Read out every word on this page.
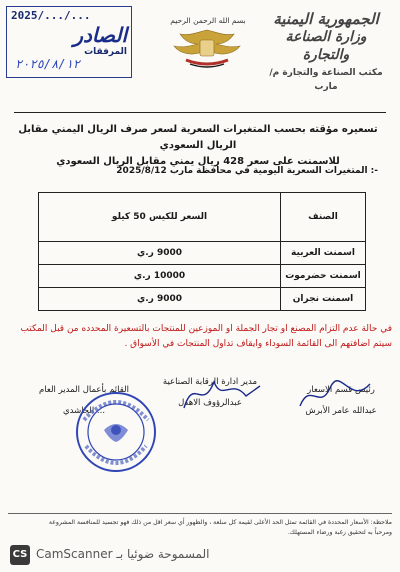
الجمهورية اليمنية
وزارة الصناعة والتجارة
مكتب الصناعة والتجارة م/مارب
بسم الله الرحمن الرحيم
2025/.../...
الصادر
المرفقات
٢٠٢٥/٨/١٢
تسعيره مؤقته بحسب المتغيرات السعرية لسعر صرف الريال اليمني مقابل الريال السعودي
للاسمنت على سعر 428 ريال يمني مقابل الريال السعودي
-: المتغيرات السعرية اليومية في محافظة مارب 2025/8/12
الصنف	السعر للكيس 50 كيلو
اسمنت العربية	9000 ر.ي
اسمنت حضرموت	10000 ر.ي
اسمنت نجران	9000 ر.ي
في حالة عدم التزام المصنع او تجار الجملة او الموزعين للمنتجات بالتسعيرة المحدده من قبل المكتب
سيتم اضافتهم الى القائمة السوداء وايقاف تداول المنتجات في الأسواق .
رئيس قسم الاسعار
عبدالله عامر الأبرش
مدير ادارة الرقابة الصناعية
عبدالرؤوف الاهدل
القائم بأعمال المدير العام
... الجاشدي
ملاحظة: الأسعار المحددة في القائمة تمثل الحد الأعلى لقيمة كل سلعة ، والظهور أي سعر اقل من ذلك فهو تجسيد للمنافسة المشروعة
ومرحباً به لتحقيق رغبة ورضاء المستهلك.
CS المسموحة ضوئيا بـ CamScanner
